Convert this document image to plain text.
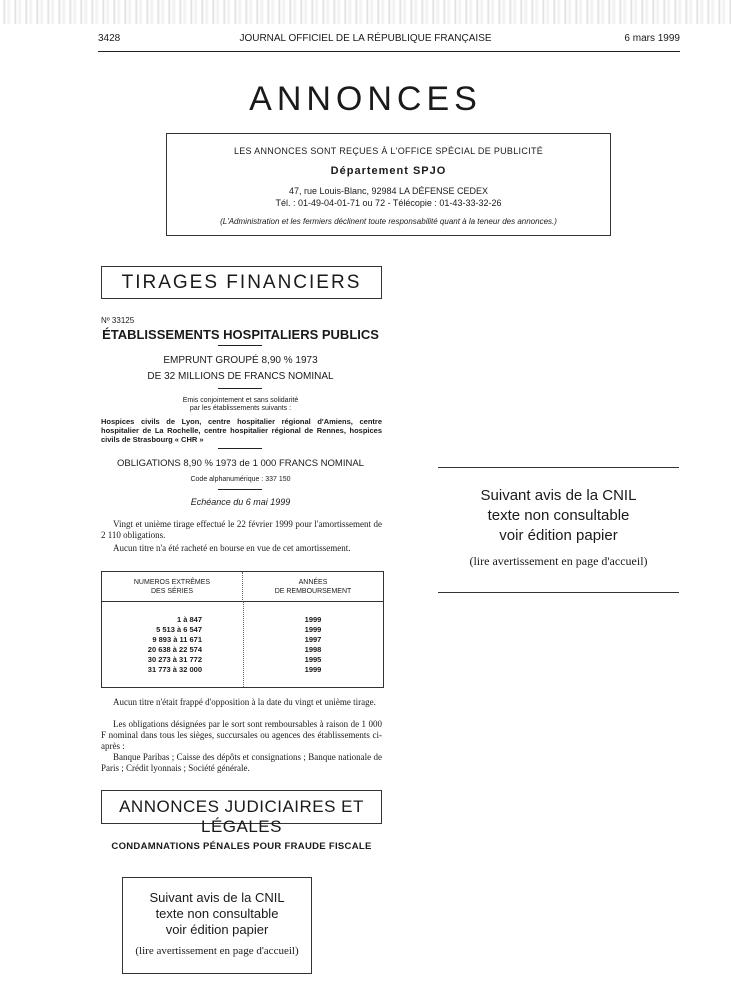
3428	JOURNAL OFFICIEL DE LA RÉPUBLIQUE FRANÇAISE	6 mars 1999
ANNONCES
LES ANNONCES SONT REÇUES À L'OFFICE SPÉCIAL DE PUBLICITÉ
Département SPJO
47, rue Louis-Blanc, 92984 LA DÉFENSE CEDEX
Tél. : 01-49-04-01-71 ou 72 - Télécopie : 01-43-33-32-26
(L'Administration et les fermiers déclinent toute responsabilité quant à la teneur des annonces.)
TIRAGES FINANCIERS
Nº 33125
ÉTABLISSEMENTS HOSPITALIERS PUBLICS
EMPRUNT GROUPÉ 8,90 % 1973
DE 32 MILLIONS DE FRANCS NOMINAL
Emis conjointement et sans solidarité
par les établissements suivants :
Hospices civils de Lyon, centre hospitalier régional d'Amiens, centre hospitalier de La Rochelle, centre hospitalier régional de Rennes, hospices civils de Strasbourg « CHR »
OBLIGATIONS 8,90 % 1973 de 1 000 FRANCS NOMINAL
Code alphanumérique : 337 150
Echéance du 6 mai 1999
Vingt et unième tirage effectué le 22 février 1999 pour l'amortissement de 2 110 obligations.
Aucun titre n'a été racheté en bourse en vue de cet amortissement.
NUMEROS EXTRÊMES
DES SÉRIES
ANNÉES
DE REMBOURSEMENT
1 à 847	1999
5 513 à 6 547	1999
9 893 à 11 671	1997
20 638 à 22 574	1998
30 273 à 31 772	1995
31 773 à 32 000	1999
Aucun titre n'était frappé d'opposition à la date du vingt et unième tirage.
Les obligations désignées par le sort sont remboursables à raison de 1 000 F nominal dans tous les sièges, succursales ou agences des établissements ci-après :
Banque Paribas ; Caisse des dépôts et consignations ; Banque nationale de Paris ; Crédit lyonnais ; Société générale.
ANNONCES JUDICIAIRES ET LÉGALES
CONDAMNATIONS PÉNALES POUR FRAUDE FISCALE
Suivant avis de la CNIL
texte non consultable
voir édition papier
(lire avertissement en page d'accueil)
Suivant avis de la CNIL
texte non consultable
voir édition papier
(lire avertissement en page d'accueil)
